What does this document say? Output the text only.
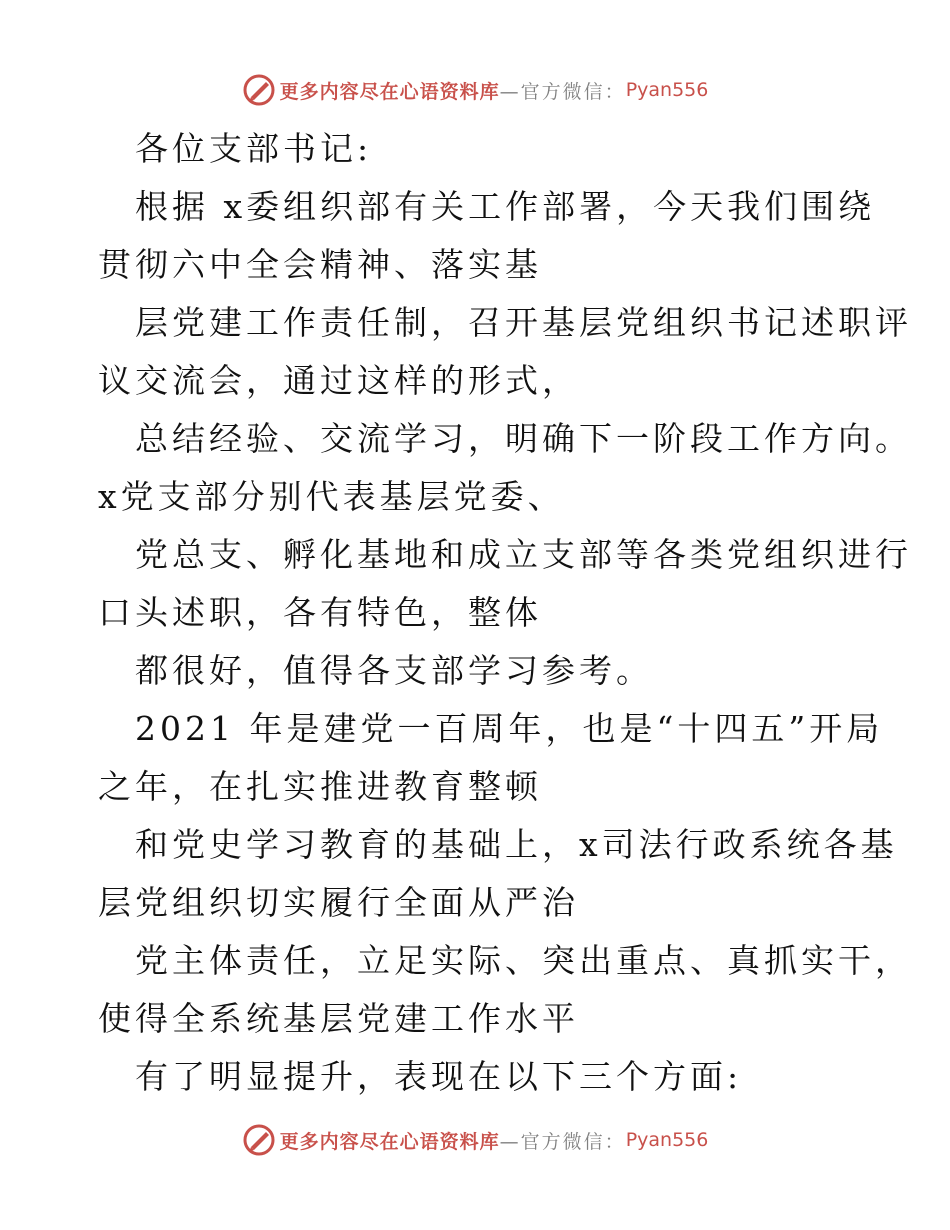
更多内容尽在心语资料库 —官方微信： Pyan556
各位支部书记:
根据 x委组织部有关工作部署，今天我们围绕
贯彻六中全会精神、落实基
层党建工作责任制，召开基层党组织书记述职评
议交流会，通过这样的形式，
总结经验、交流学习，明确下一阶段工作方向。
x党支部分别代表基层党委、
党总支、孵化基地和成立支部等各类党组织进行
口头述职，各有特色，整体
都很好，值得各支部学习参考。
2021 年是建党一百周年，也是“十四五”开局
之年，在扎实推进教育整顿
和党史学习教育的基础上，x司法行政系统各基
层党组织切实履行全面从严治
党主体责任，立足实际、突出重点、真抓实干，
使得全系统基层党建工作水平
有了明显提升，表现在以下三个方面:
更多内容尽在心语资料库 —官方微信： Pyan556
